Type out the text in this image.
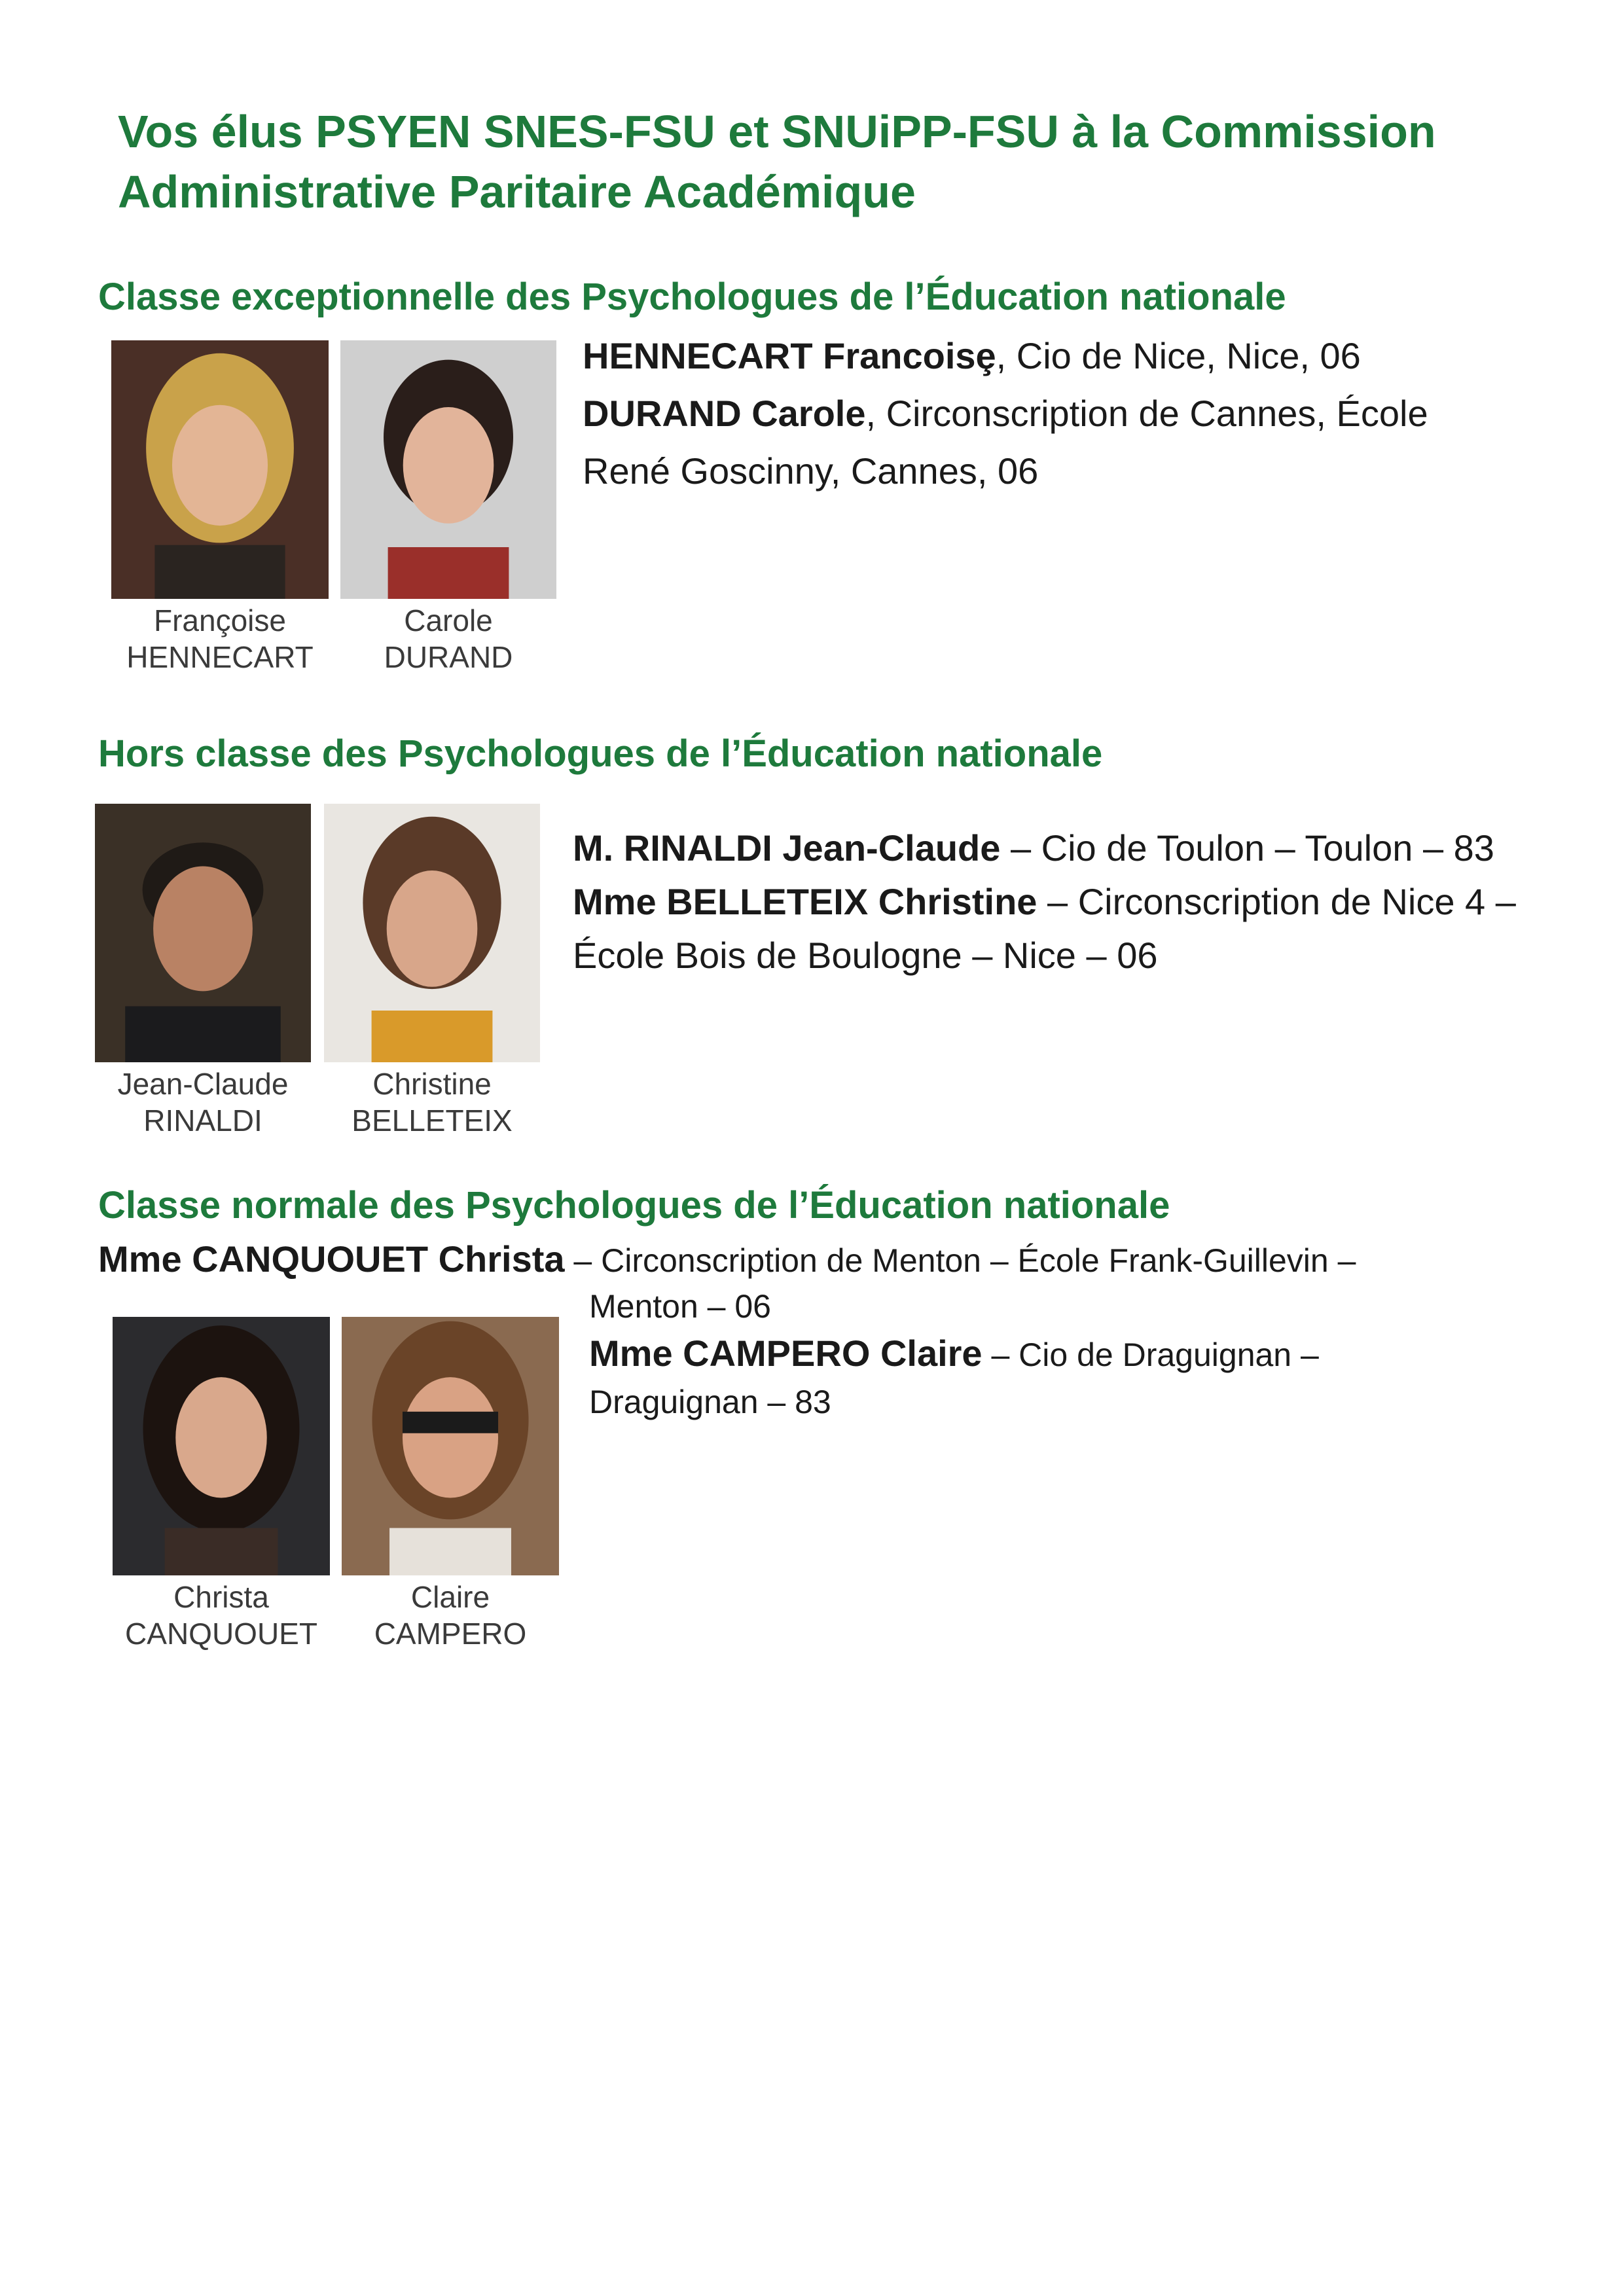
Vos élus PSYEN SNES-FSU et SNUiPP-FSU à la Commission
Administrative Paritaire Académique
Classe exceptionnelle des Psychologues de l’Éducation nationale
Françoise
HENNECART
Carole
DURAND
HENNECART Francoisȩ, Cio de Nice, Nice, 06
DURAND Carole, Circonscription de Cannes, École René Goscinny, Cannes, 06
Hors classe des Psychologues de l’Éducation nationale
Jean-Claude
RINALDI
Christine
BELLETEIX
M. RINALDI Jean-Claude – Cio de Toulon – Toulon – 83
Mme BELLETEIX Christine – Circonscription de Nice 4 – École Bois de Boulogne – Nice – 06
Classe normale des Psychologues de l’Éducation nationale
Mme CANQUOUET Christa – Circonscription de Menton – École Frank-Guillevin –
Christa
CANQUOUET
Claire
CAMPERO
Menton – 06
Mme CAMPERO Claire – Cio de Draguignan –
Draguignan – 83
